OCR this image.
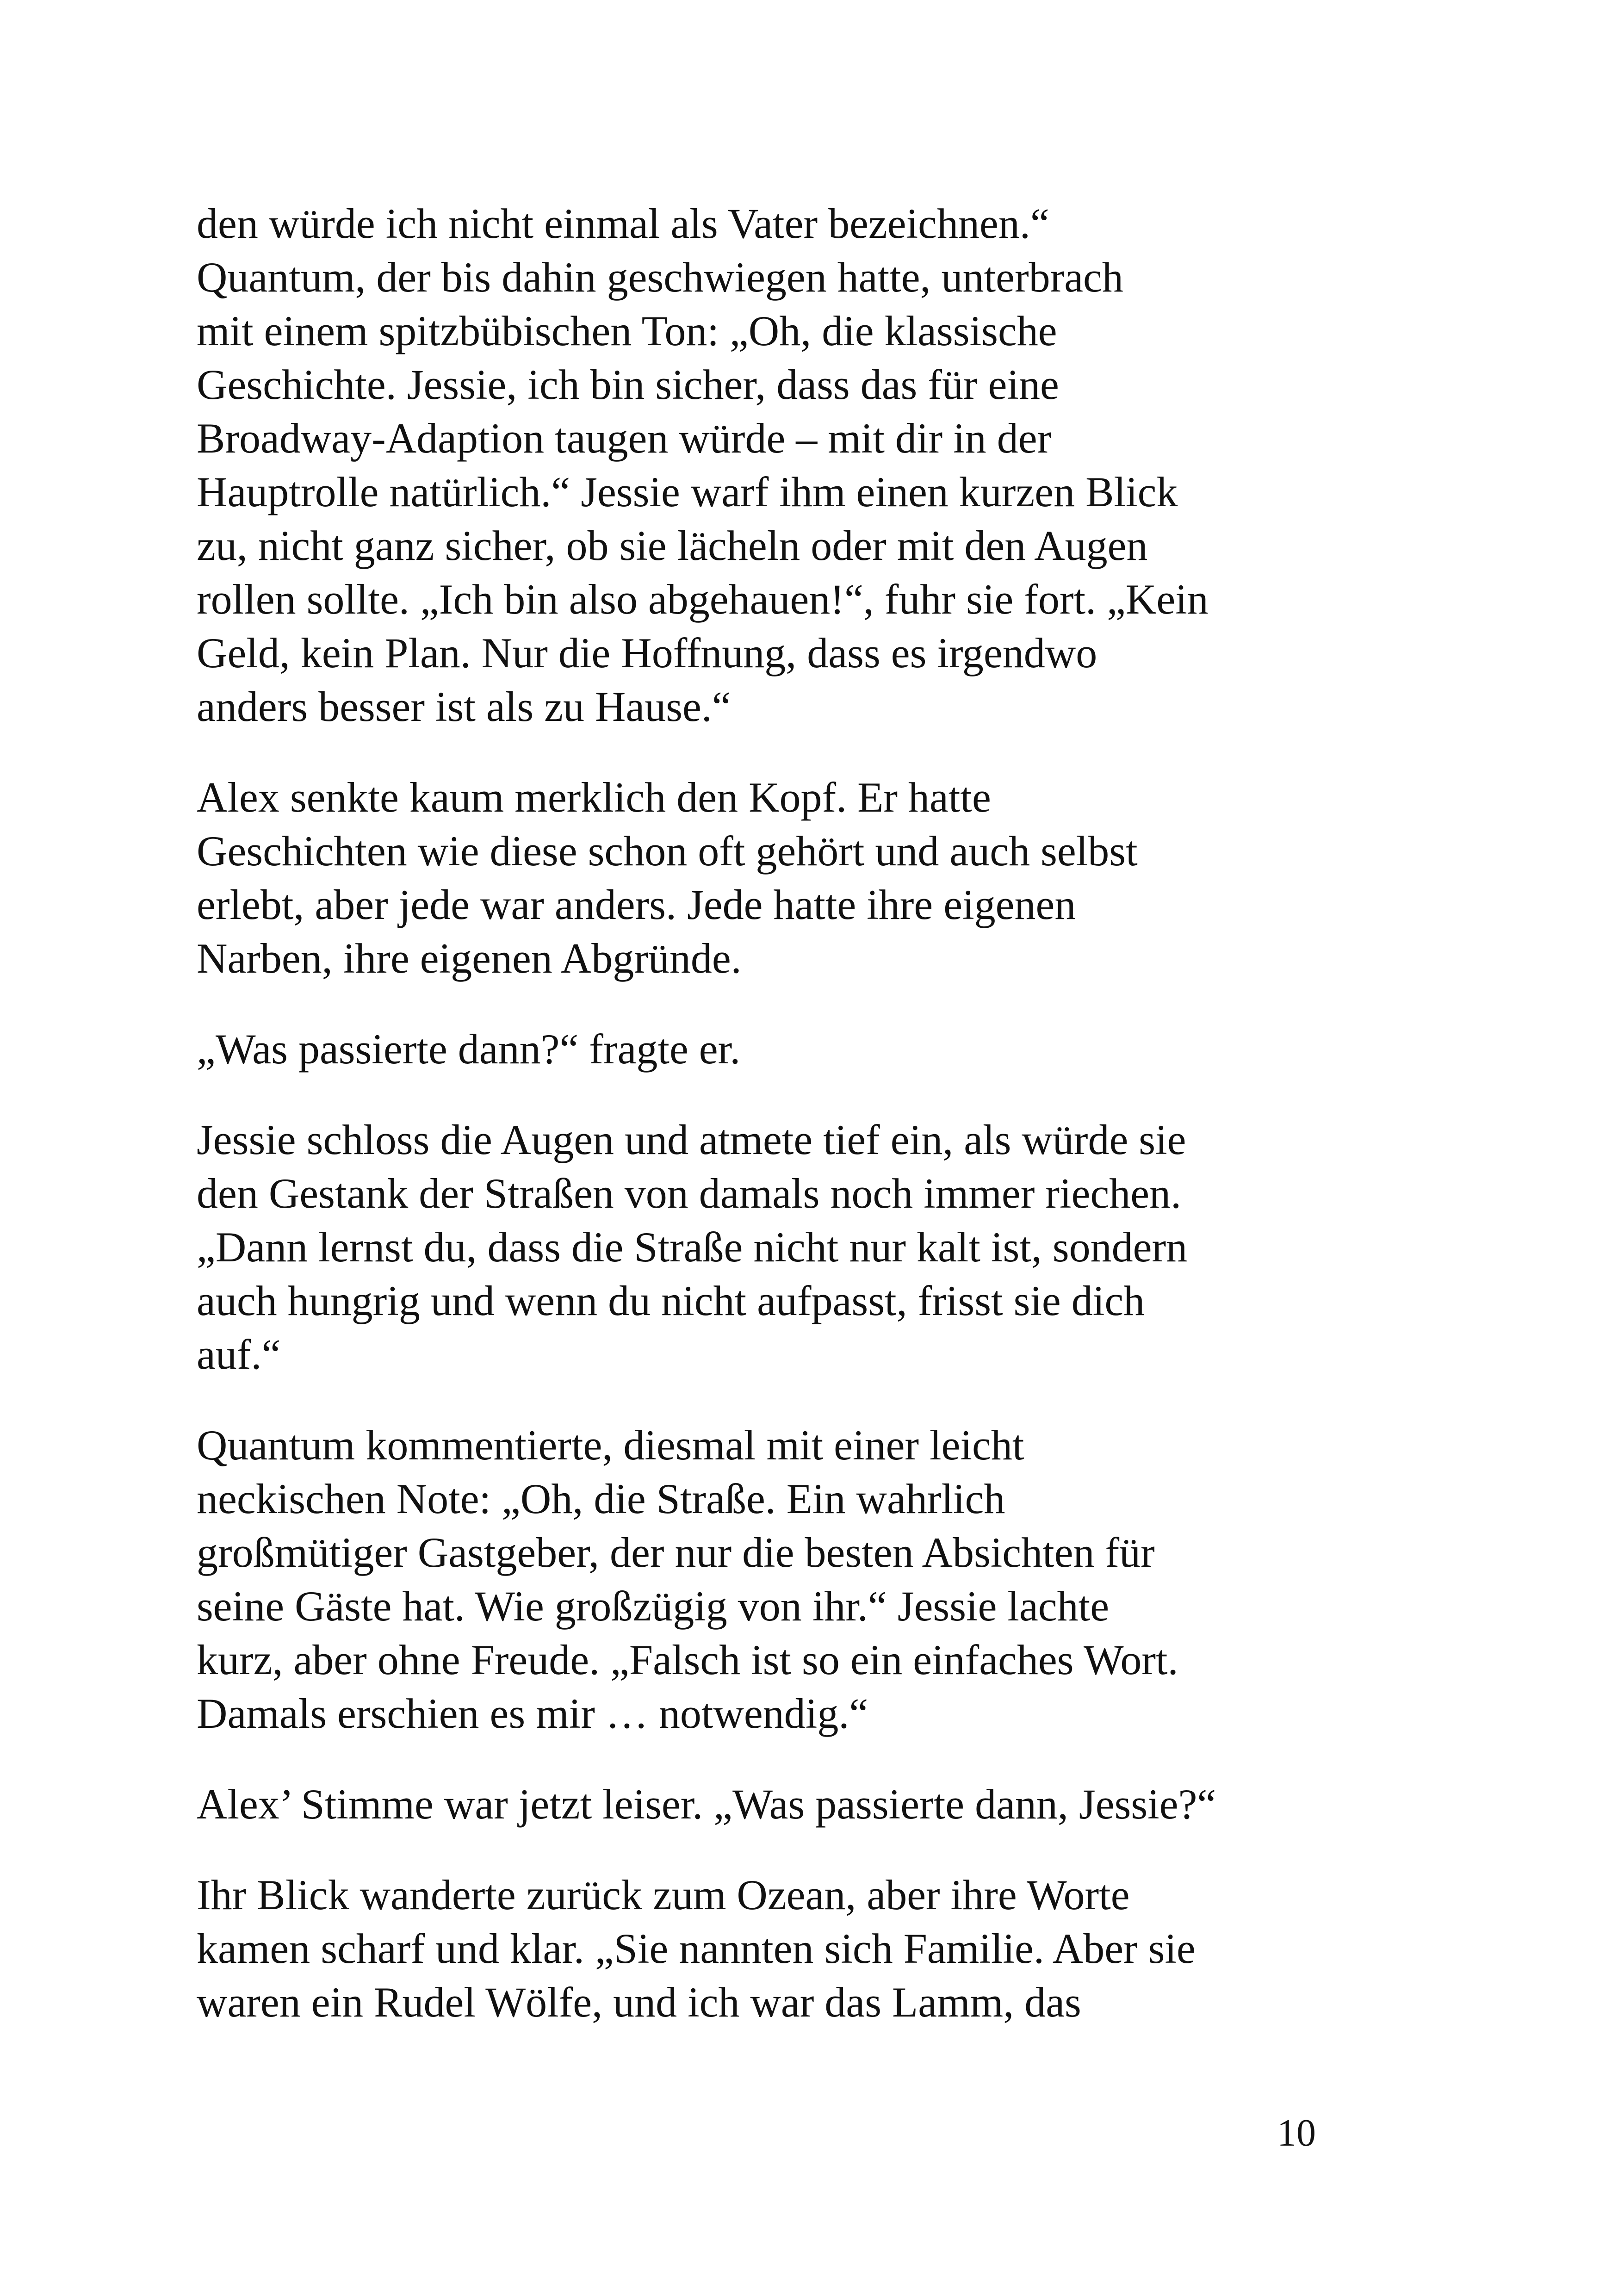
den würde ich nicht einmal als Vater bezeichnen.“
Quantum, der bis dahin geschwiegen hatte, unterbrach
mit einem spitzbübischen Ton: „Oh, die klassische
Geschichte. Jessie, ich bin sicher, dass das für eine
Broadway-Adaption taugen würde – mit dir in der
Hauptrolle natürlich.“ Jessie warf ihm einen kurzen Blick
zu, nicht ganz sicher, ob sie lächeln oder mit den Augen
rollen sollte. „Ich bin also abgehauen!“, fuhr sie fort. „Kein
Geld, kein Plan. Nur die Hoffnung, dass es irgendwo
anders besser ist als zu Hause.“

Alex senkte kaum merklich den Kopf. Er hatte
Geschichten wie diese schon oft gehört und auch selbst
erlebt, aber jede war anders. Jede hatte ihre eigenen
Narben, ihre eigenen Abgründe.

„Was passierte dann?“ fragte er.

Jessie schloss die Augen und atmete tief ein, als würde sie
den Gestank der Straßen von damals noch immer riechen.
„Dann lernst du, dass die Straße nicht nur kalt ist, sondern
auch hungrig und wenn du nicht aufpasst, frisst sie dich
auf.“

Quantum kommentierte, diesmal mit einer leicht
neckischen Note: „Oh, die Straße. Ein wahrlich
großmütiger Gastgeber, der nur die besten Absichten für
seine Gäste hat. Wie großzügig von ihr.“ Jessie lachte
kurz, aber ohne Freude. „Falsch ist so ein einfaches Wort.
Damals erschien es mir … notwendig.“

Alex’ Stimme war jetzt leiser. „Was passierte dann, Jessie?“

Ihr Blick wanderte zurück zum Ozean, aber ihre Worte
kamen scharf und klar. „Sie nannten sich Familie. Aber sie
waren ein Rudel Wölfe, und ich war das Lamm, das

10
